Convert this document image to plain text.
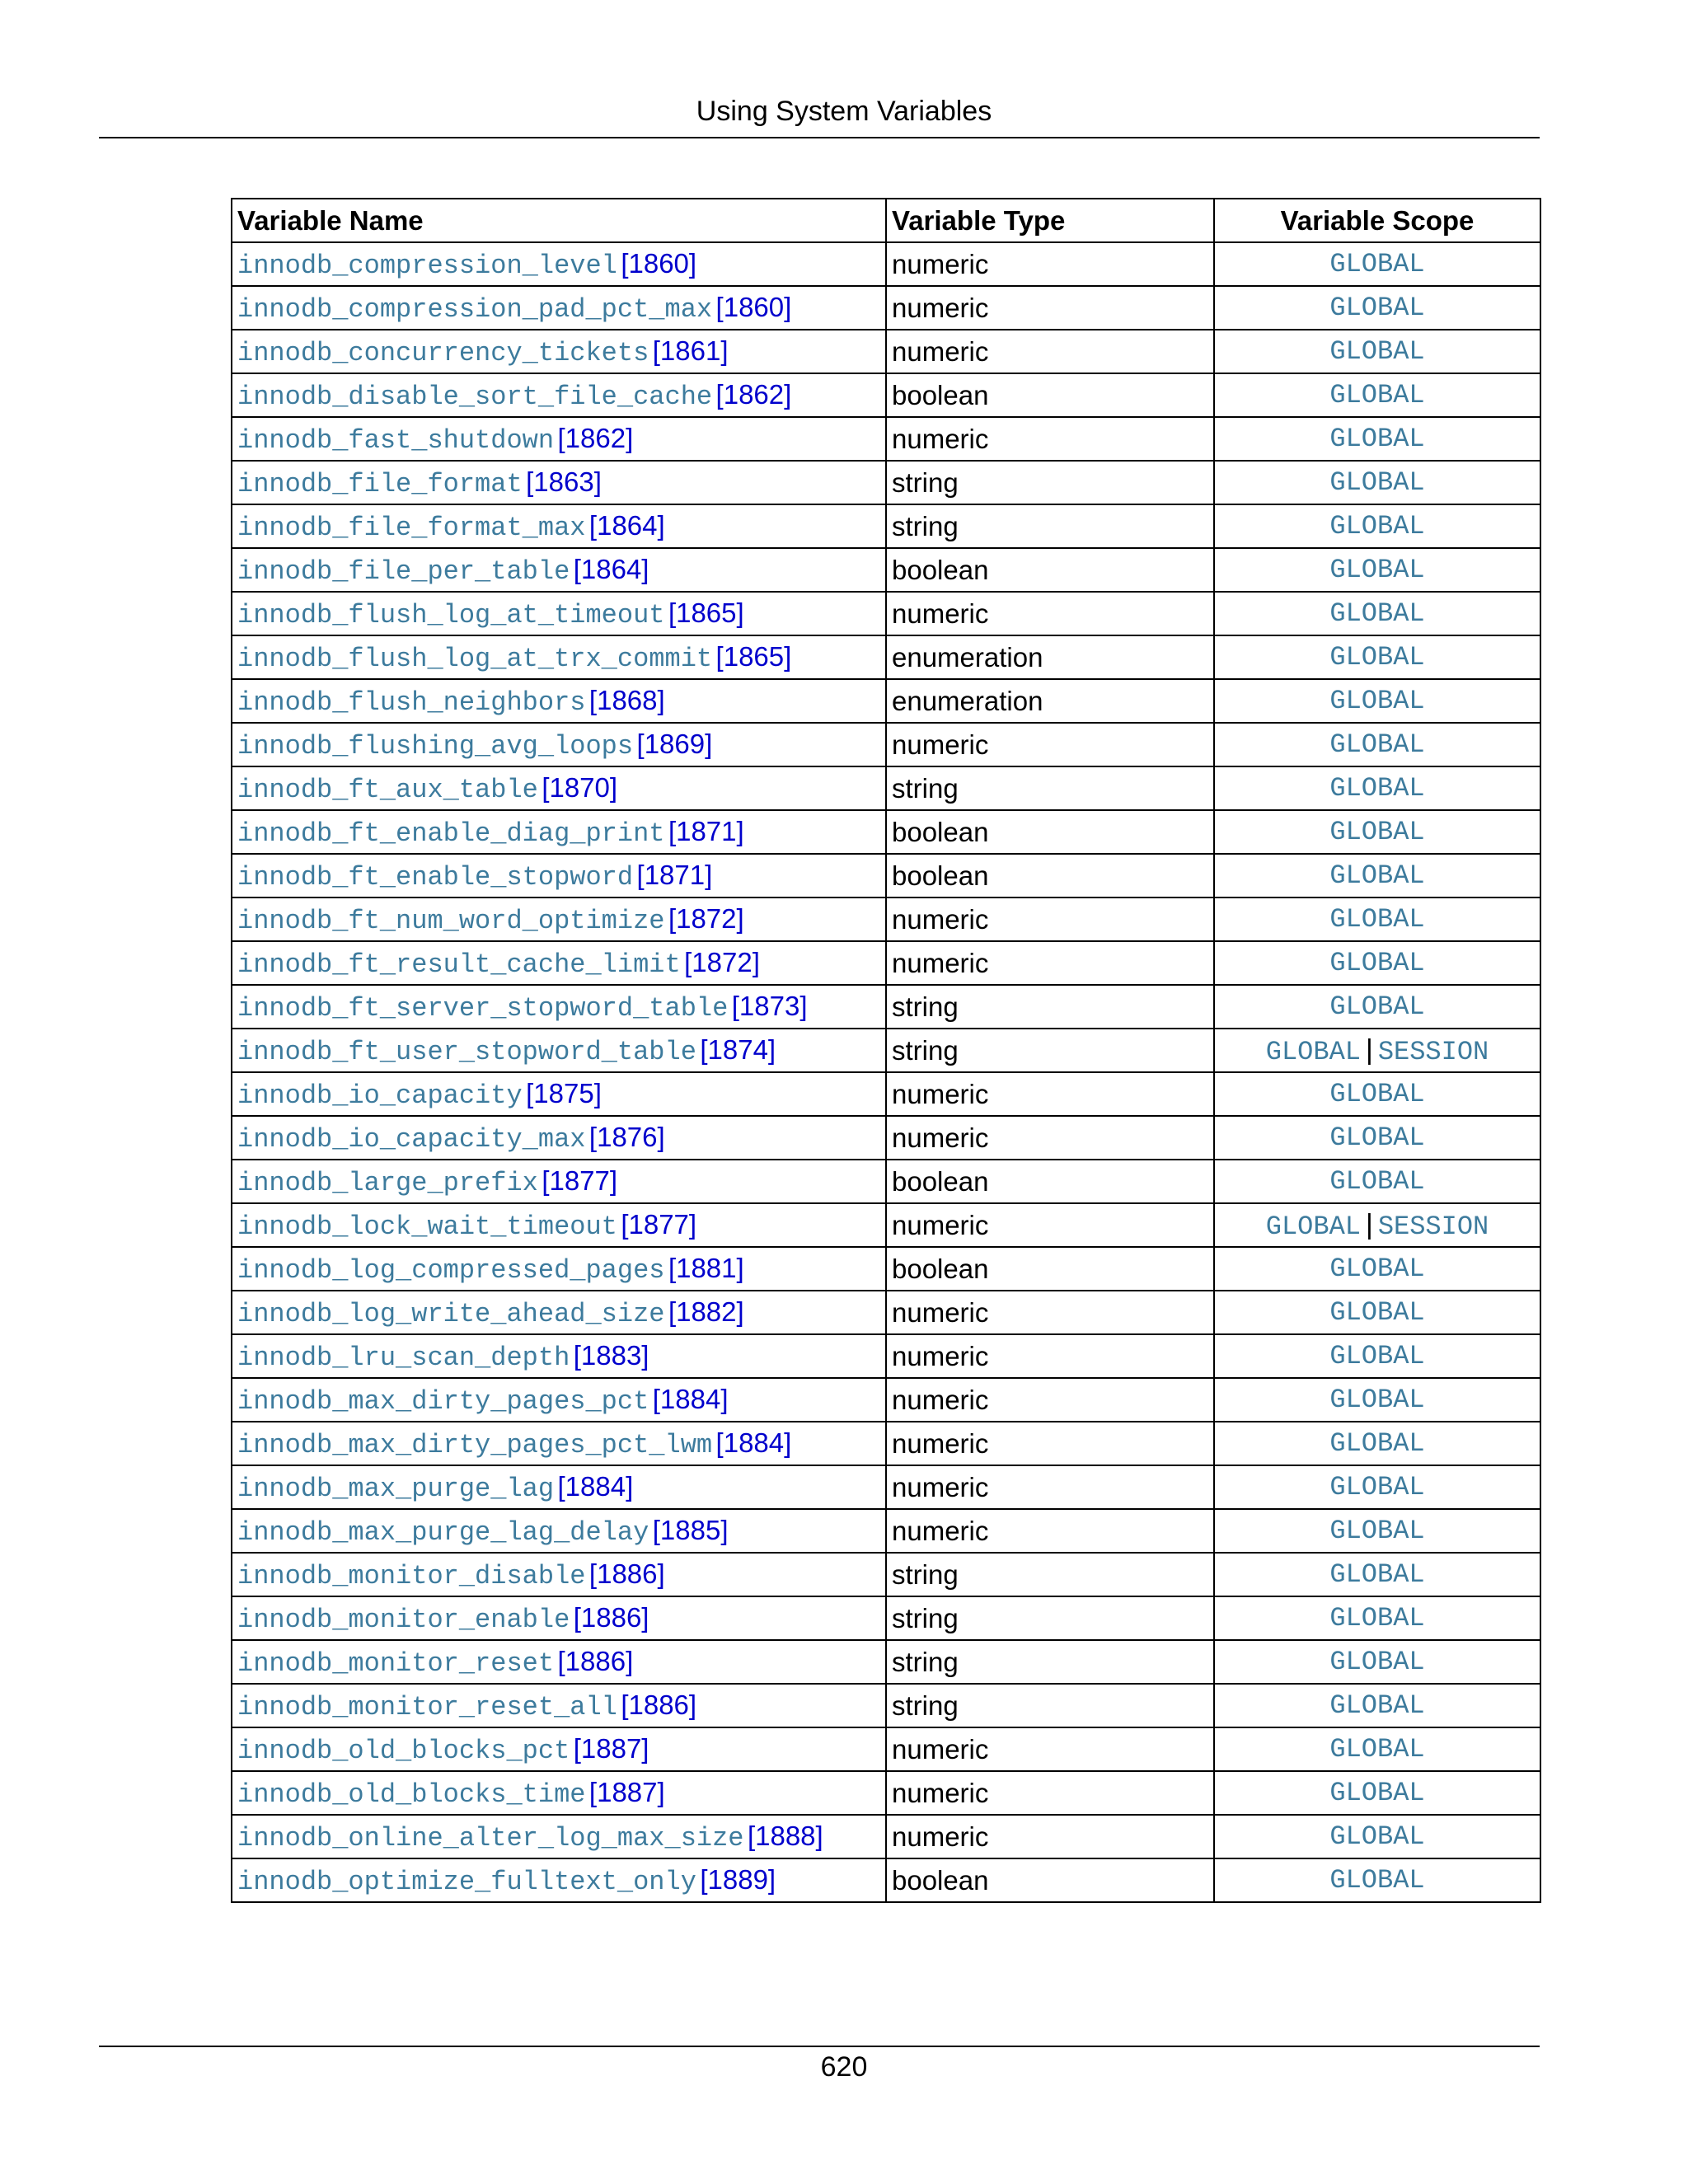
Using System Variables
Variable Name	Variable Type	Variable Scope
innodb_compression_level [1860]	numeric	GLOBAL
innodb_compression_pad_pct_max [1860]	numeric	GLOBAL
innodb_concurrency_tickets [1861]	numeric	GLOBAL
innodb_disable_sort_file_cache [1862]	boolean	GLOBAL
innodb_fast_shutdown [1862]	numeric	GLOBAL
innodb_file_format [1863]	string	GLOBAL
innodb_file_format_max [1864]	string	GLOBAL
innodb_file_per_table [1864]	boolean	GLOBAL
innodb_flush_log_at_timeout [1865]	numeric	GLOBAL
innodb_flush_log_at_trx_commit [1865]	enumeration	GLOBAL
innodb_flush_neighbors [1868]	enumeration	GLOBAL
innodb_flushing_avg_loops [1869]	numeric	GLOBAL
innodb_ft_aux_table [1870]	string	GLOBAL
innodb_ft_enable_diag_print [1871]	boolean	GLOBAL
innodb_ft_enable_stopword [1871]	boolean	GLOBAL
innodb_ft_num_word_optimize [1872]	numeric	GLOBAL
innodb_ft_result_cache_limit [1872]	numeric	GLOBAL
innodb_ft_server_stopword_table [1873]	string	GLOBAL
innodb_ft_user_stopword_table [1874]	string	GLOBAL | SESSION
innodb_io_capacity [1875]	numeric	GLOBAL
innodb_io_capacity_max [1876]	numeric	GLOBAL
innodb_large_prefix [1877]	boolean	GLOBAL
innodb_lock_wait_timeout [1877]	numeric	GLOBAL | SESSION
innodb_log_compressed_pages [1881]	boolean	GLOBAL
innodb_log_write_ahead_size [1882]	numeric	GLOBAL
innodb_lru_scan_depth [1883]	numeric	GLOBAL
innodb_max_dirty_pages_pct [1884]	numeric	GLOBAL
innodb_max_dirty_pages_pct_lwm [1884]	numeric	GLOBAL
innodb_max_purge_lag [1884]	numeric	GLOBAL
innodb_max_purge_lag_delay [1885]	numeric	GLOBAL
innodb_monitor_disable [1886]	string	GLOBAL
innodb_monitor_enable [1886]	string	GLOBAL
innodb_monitor_reset [1886]	string	GLOBAL
innodb_monitor_reset_all [1886]	string	GLOBAL
innodb_old_blocks_pct [1887]	numeric	GLOBAL
innodb_old_blocks_time [1887]	numeric	GLOBAL
innodb_online_alter_log_max_size [1888]	numeric	GLOBAL
innodb_optimize_fulltext_only [1889]	boolean	GLOBAL
620
